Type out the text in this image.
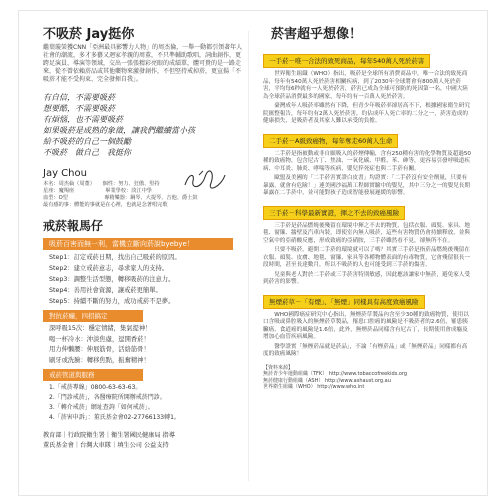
不吸菸 Jay挺你
繼葉璇榮獲CNN「亞洲最具影響力人物」的周杰倫，一舉一動都引領著年人社會的潮流，多才多藝又迴家孝親的周董，不只準輔助歌唱，詞曲創作，更跨足演員、導演等領域，交出一張張精彩亮眼的成績單，體可貴的是一路走來，從不曾依賴菸品或其他藥物來激發創作，不但堅持戒掉菸，更宣揚「不吸菸才能不受拘束、完全發揮自我」。
有自信，不需要吸菸
想要酷，不需要吸菸
有煩惱，也不需要吸菸
如果吸菸是成熟的象徵，讓我們繼續當小孩
給不吸菸的自己一個鼓勵
不吸菸　做自己　我挺你
Jay Chou
本名：周杰倫（周董）　　個性：努力、狂傲、堅持
星座：魔羯座　　　　　　畢業學校：淡江中學
血型：O型　　　　　　　專精樂器：鋼琴、大提琴、吉他、爵士鼓
最有感的事：體能的事就是在心裡，也就是念著唱完歌
戒菸報馬仔
吸菸百害而無一利，當機立斷向菸說byebye！
Step1：訂定戒菸日期，找出自己吸菸的原因。
Step2：建立戒菸意志，尋求家人的支持。
Step3：調整生活型態，轉移吸菸的注意力。
Step4：善用社會資源，讓戒菸更簡單。
Step5：持續不斷的努力，成功戒菸不是夢。
對抗菸癮，四招搞定
深呼吸15次：穩定情緒，集氣提神！
喝一杯冷水：沖淡焦慮，逗開香菸！
用力伸懶腰：伸展筋骨，活絡筋骨！
刷牙或洗臉：轉移焦點，振奮精神！
戒菸管道與服務
1.「戒菸專線」0800-63-63-63。
2.「門診戒菸」，各醫療院所開辦戒菸門診。
3.「轉介戒菸」網址查詢「如何戒菸」。
4.「菸害申訴」：董氏基金會02-27766133轉1。
教育部｜行政院衛生署｜衛生署國民健康局 指導
董氏基金會｜台灣大車隊｜填生公司 公益支持
菸害超乎想像！
一手菸－唯一合法的致死商品，每年540萬人死於菸害
世界衛生組織（WHO）指出，吸菸是全球所有消費商品中，唯一合法的致死商品，每年有540萬人死於菸害相關疾病，到了2030年全球將會有800萬人死於菸害，平均每6秒就有一人死於菸害，菸害已成為全球可預防的死因第一名，中國大陸為全球菸品消費最多的國家，每年約有一百萬人死於菸害。
臺灣成年人吸菸率雖然有下降，但青少年吸菸率卻居高不下，根據國家衛生研究院匯整報告，每年約有2萬人死於菸害，約佔成年人死亡率的二分之一，菸害造成的健康損失，是吸菸者及其家人難以承受的負擔。
二手菸－A級致癌物，每年奪走60萬人生命
二手菸是指被動或非自願吸入的菸煙傳輸，含有250種有害的化學物質及超過50種的致癌物，包含尼古丁、焦油、一氧化碳、甲醛、苯、砷等，更容易引發呼吸道疾病、中耳炎、肺炎、哮喘等疾病，嬰兒猝死症也與二手菸有關。
歐盟及美國的「二手菸害實證白皮書」均證實：「二手菸沒有安全劑量，只要有暴露，就會有危險！」連美國沙福萬工程師實驗中的嬰兒，其中三分之一的嬰兒長期暴露在二手菸中，並可能對孩子造成智能發展遲緩的影響。
三手菸－科學最新實證，揮之不去的致癌風險
三手菸是菸品燃燒後殘留在環境中揮之不去的物質，包括衣服、頭髮、家具、地毯、窗簾、牆壁及汽車內裝，即使室內無人吸菸，這些有害物質仍會持續釋放，並與空氣中的亞硝酸反應，形成致癌的亞硝胺，三手菸雖然看不見，卻無所不在。
只要不吸菸，避開二手菸的環境就可以了嗎？其實三手菸是指菸品燃燒後殘留在衣服、頭髮、皮膚、地毯、窗簾、家具等各種物體表面的有毒物質，它會殘留很長一段時間，甚至長達數月，所以不吸菸的人也可能受到三手菸的傷害。
兒童與老人對於二手菸或三手菸害特別敏感，因此應該讓家中無菸，避免家人受到菸害的影響。
無煙菸草－「有煙」、「無煙」同樣具有高度致癌風險
WHO國際癌症研究中心指出，無煙菸草製品內含至少30種的致癌物質，使用以口含吸或鼻腔吸入的無煙菸草製品，罹患口腔癌的風險是不吸菸者的2.6倍，罹患胰臟癌、食道癌的風險是1.6倍，此外，無煙菸品同樣含有尼古丁，長期使用會成癮及增加心血管疾病風險。
醫學證實「無煙菸品就是菸品」，不論「有煙菸品」或「無煙菸品」同樣都有高度的致癌風險！
【資料來源】
無菸青少年運動組織（TFK） http://www.tobaccofreekids.org
無菸健康行動組織（ASH） http://www.ashaust.org.au
世界衛生組織（WHO） http://www.who.int
